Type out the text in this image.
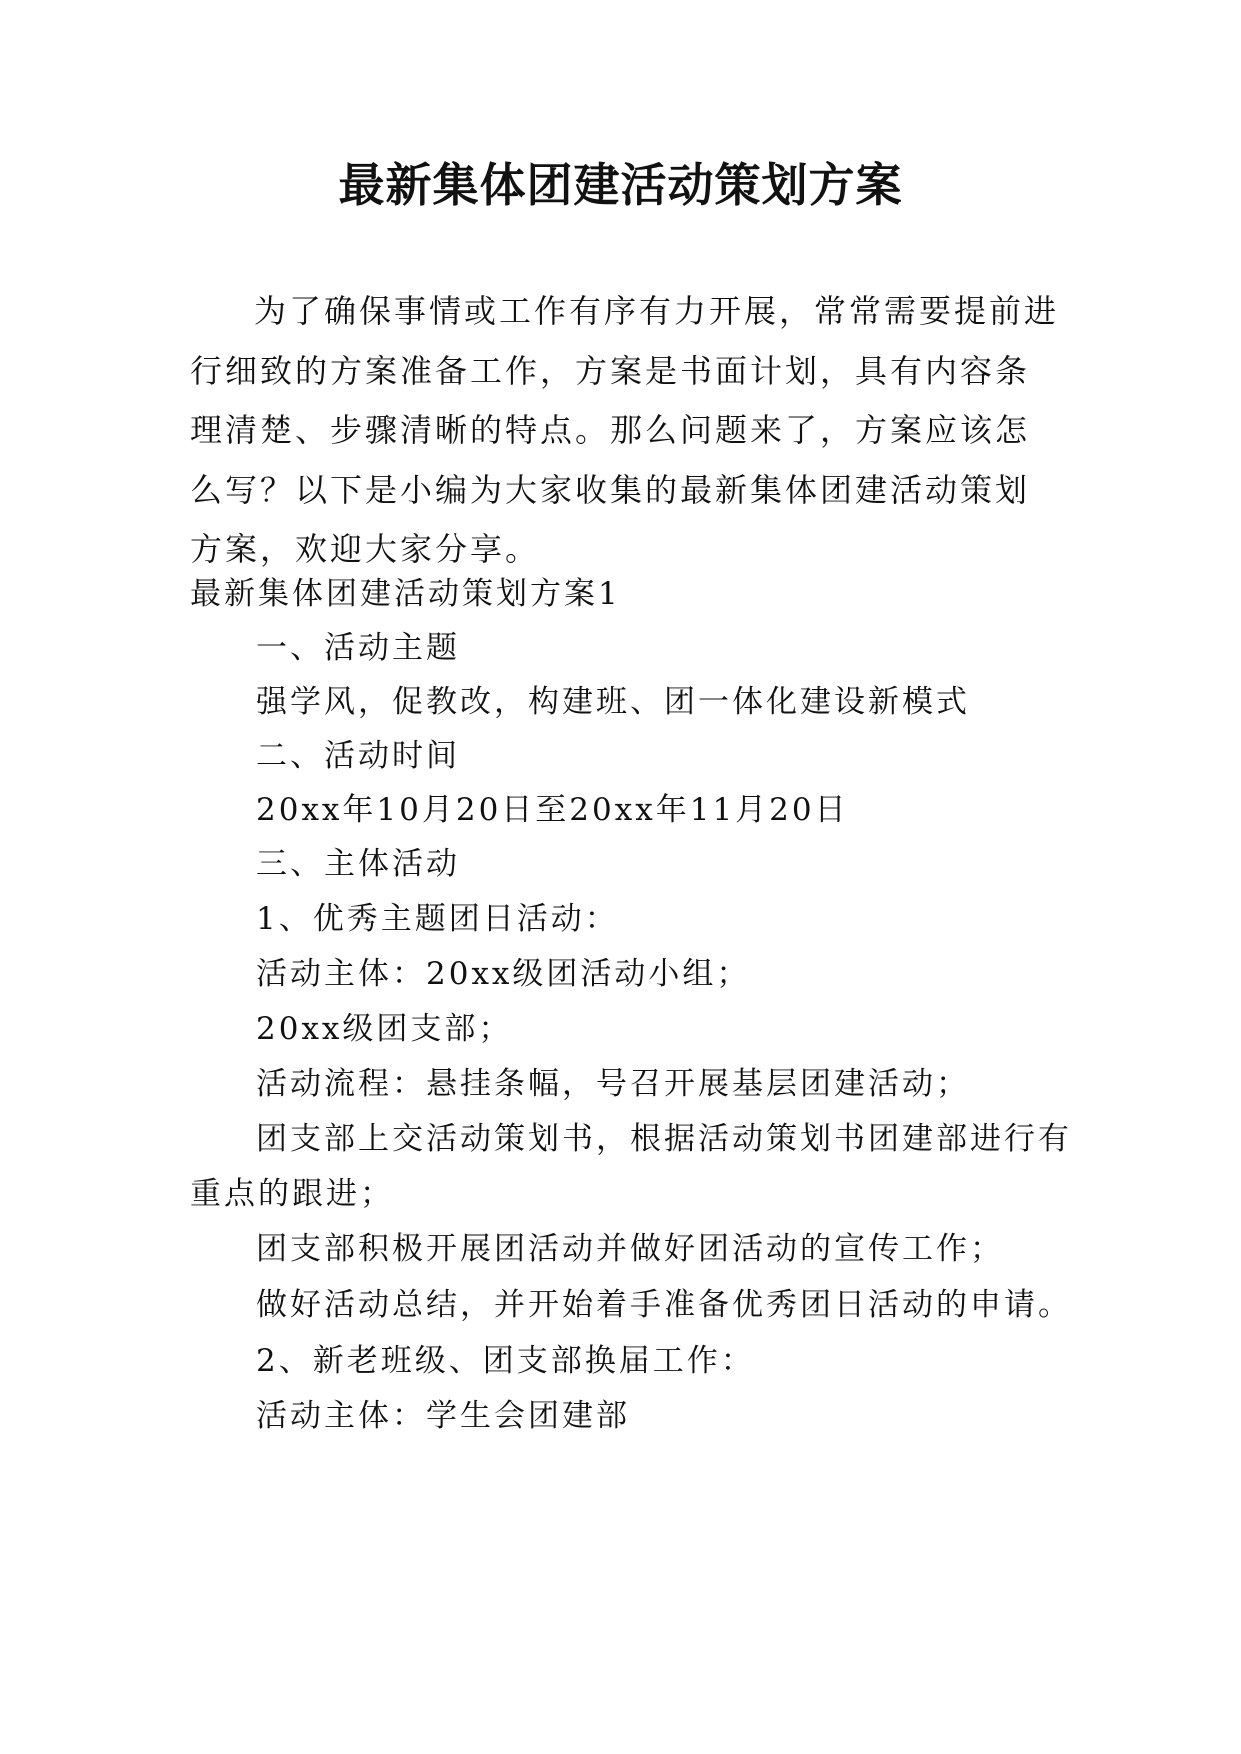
最新集体团建活动策划方案

为了确保事情或工作有序有力开展，常常需要提前进行细致的方案准备工作，方案是书面计划，具有内容条理清楚、步骤清晰的特点。那么问题来了，方案应该怎么写？以下是小编为大家收集的最新集体团建活动策划方案，欢迎大家分享。

最新集体团建活动策划方案1
一、活动主题
强学风，促教改，构建班、团一体化建设新模式
二、活动时间
20xx年10月20日至20xx年11月20日
三、主体活动
1、优秀主题团日活动：
活动主体：20xx级团活动小组；
20xx级团支部；
活动流程：悬挂条幅，号召开展基层团建活动；
团支部上交活动策划书，根据活动策划书团建部进行有
重点的跟进；
团支部积极开展团活动并做好团活动的宣传工作；
做好活动总结，并开始着手准备优秀团日活动的申请。
2、新老班级、团支部换届工作：
活动主体：学生会团建部
